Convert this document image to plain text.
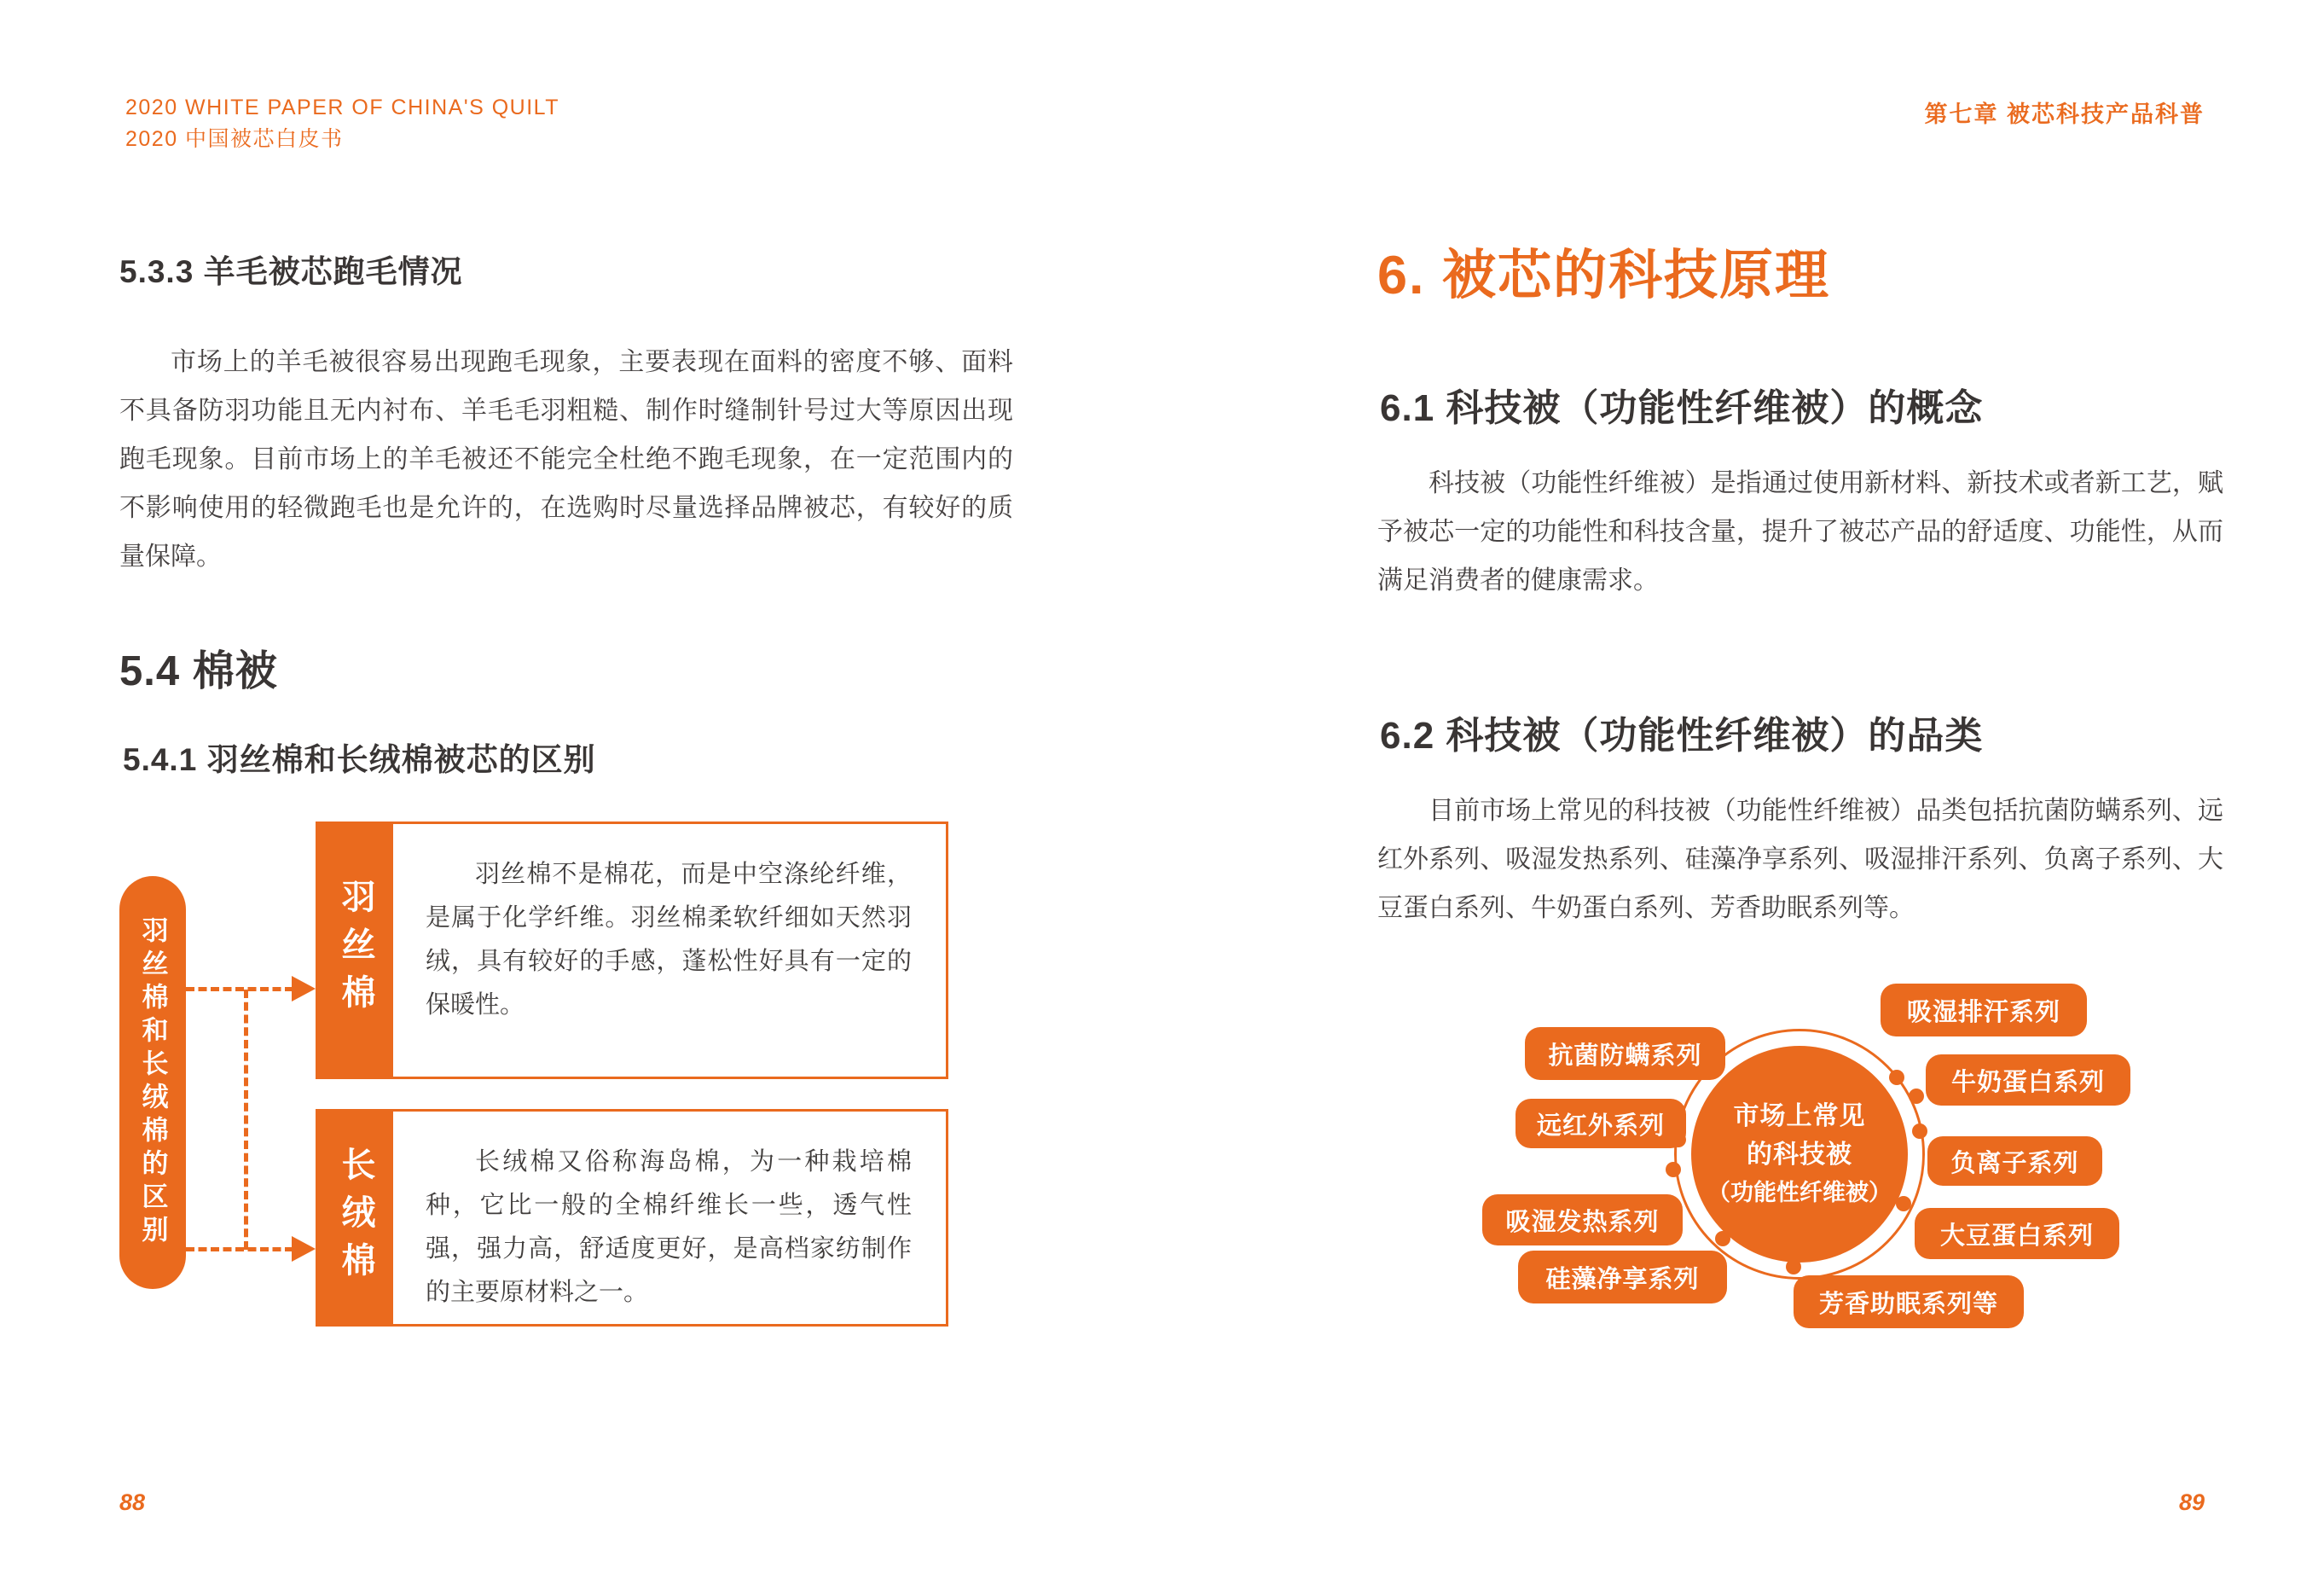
2020 WHITE PAPER OF CHINA'S QUILT
2020 中国被芯白皮书
5.3.3 羊毛被芯跑毛情况
市场上的羊毛被很容易出现跑毛现象，主要表现在面料的密度不够、面料不具备防羽功能且无内衬布、羊毛毛羽粗糙、制作时缝制针号过大等原因出现跑毛现象。目前市场上的羊毛被还不能完全杜绝不跑毛现象，在一定范围内的不影响使用的轻微跑毛也是允许的，在选购时尽量选择品牌被芯，有较好的质量保障。
5.4 棉被
5.4.1 羽丝棉和长绒棉被芯的区别
羽丝棉和长绒棉的区别	羽丝棉
羽丝棉不是棉花，而是中空涤纶纤维，是属于化学纤维。羽丝棉柔软纤细如天然羽绒，具有较好的手感，蓬松性好具有一定的保暖性。
长绒棉	长绒棉又俗称海岛棉，为一种栽培棉种，它比一般的全棉纤维长一些，透气性强，强力高，舒适度更好，是高档家纺制作的主要原材料之一。
88
第七章 被芯科技产品科普
6. 被芯的科技原理
6.1 科技被（功能性纤维被）的概念
科技被（功能性纤维被）是指通过使用新材料、新技术或者新工艺，赋予被芯一定的功能性和科技含量，提升了被芯产品的舒适度、功能性，从而满足消费者的健康需求。
6.2 科技被（功能性纤维被）的品类
目前市场上常见的科技被（功能性纤维被）品类包括抗菌防螨系列、远红外系列、吸湿发热系列、硅藻净享系列、吸湿排汗系列、负离子系列、大豆蛋白系列、牛奶蛋白系列、芳香助眠系列等。
市场上常见
的科技被
（功能性纤维被）
抗菌防螨系列
远红外系列
吸湿发热系列
硅藻净享系列
吸湿排汗系列
牛奶蛋白系列
负离子系列
大豆蛋白系列
芳香助眠系列等
89
